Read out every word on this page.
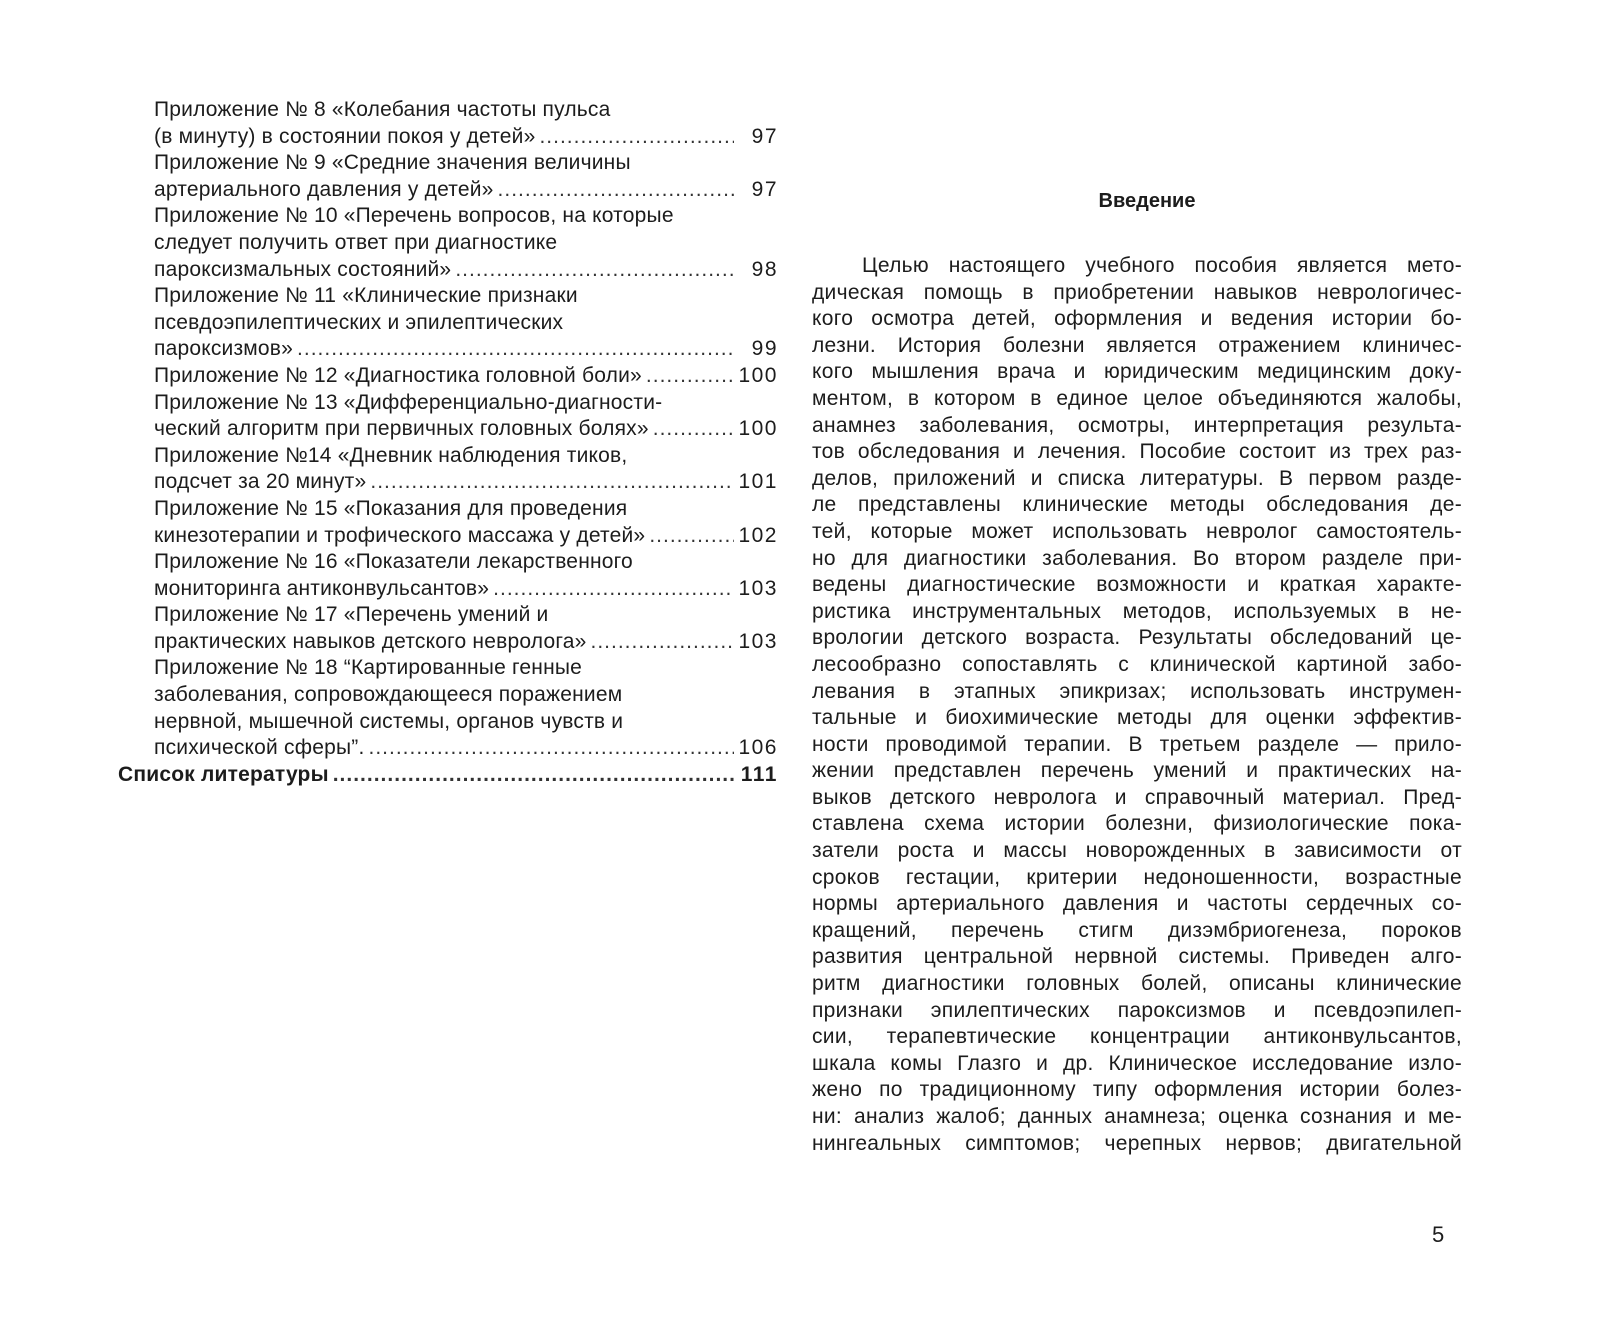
Приложение № 8 «Колебания частоты пульса
(в минуту) в состоянии покоя у детей» .....	97
Приложение № 9 «Средние значения величины
артериального давления у детей» .....	97
Приложение № 10 «Перечень вопросов, на которые
следует получить ответ при диагностике
пароксизмальных состояний» .....	98
Приложение № 11 «Клинические признаки
псевдоэпилептических и эпилептических
пароксизмов» .....	99
Приложение № 12 «Диагностика головной боли» .....	100
Приложение № 13 «Дифференциально-диагности-
ческий алгоритм при первичных головных болях» .....	100
Приложение №14 «Дневник наблюдения тиков,
подсчет за 20 минут» .....	101
Приложение № 15 «Показания для проведения
кинезотерапии и трофического массажа у детей» .....	102
Приложение № 16 «Показатели лекарственного
мониторинга антиконвульсантов» .....	103
Приложение № 17 «Перечень умений и
практических навыков детского невролога» .....	103
Приложение № 18 “Картированные генные
заболевания, сопровождающееся поражением
нервной, мышечной системы, органов чувств и
психической сферы”. .....	106
Список литературы .....	111
Введение

Целью настоящего учебного пособия является мето-
дическая помощь в приобретении навыков неврологичес-
кого осмотра детей, оформления и ведения истории бо-
лезни. История болезни является отражением клиничес-
кого мышления врача и юридическим медицинским доку-
ментом, в котором в единое целое объединяются жалобы,
анамнез заболевания, осмотры, интерпретация результа-
тов обследования и лечения. Пособие состоит из трех раз-
делов, приложений и списка литературы. В первом разде-
ле представлены клинические методы обследования де-
тей, которые может использовать невролог самостоятель-
но для диагностики заболевания. Во втором разделе при-
ведены диагностические возможности и краткая характе-
ристика инструментальных методов, используемых в не-
врологии детского возраста. Результаты обследований це-
лесообразно сопоставлять с клинической картиной забо-
левания в этапных эпикризах; использовать инструмен-
тальные и биохимические методы для оценки эффектив-
ности проводимой терапии. В третьем разделе — прило-
жении представлен перечень умений и практических на-
выков детского невролога и справочный материал. Пред-
ставлена схема истории болезни, физиологические пока-
затели роста и массы новорожденных в зависимости от
сроков гестации, критерии недоношенности, возрастные
нормы артериального давления и частоты сердечных со-
кращений, перечень стигм дизэмбриогенеза, пороков
развития центральной нервной системы. Приведен алго-
ритм диагностики головных болей, описаны клинические
признаки эпилептических пароксизмов и псевдоэпилеп-
сии, терапевтические концентрации антиконвульсантов,
шкала комы Глазго и др. Клиническое исследование изло-
жено по традиционному типу оформления истории болез-
ни: анализ жалоб; данных анамнеза; оценка сознания и ме-
нингеальных симптомов; черепных нервов; двигательной

5
